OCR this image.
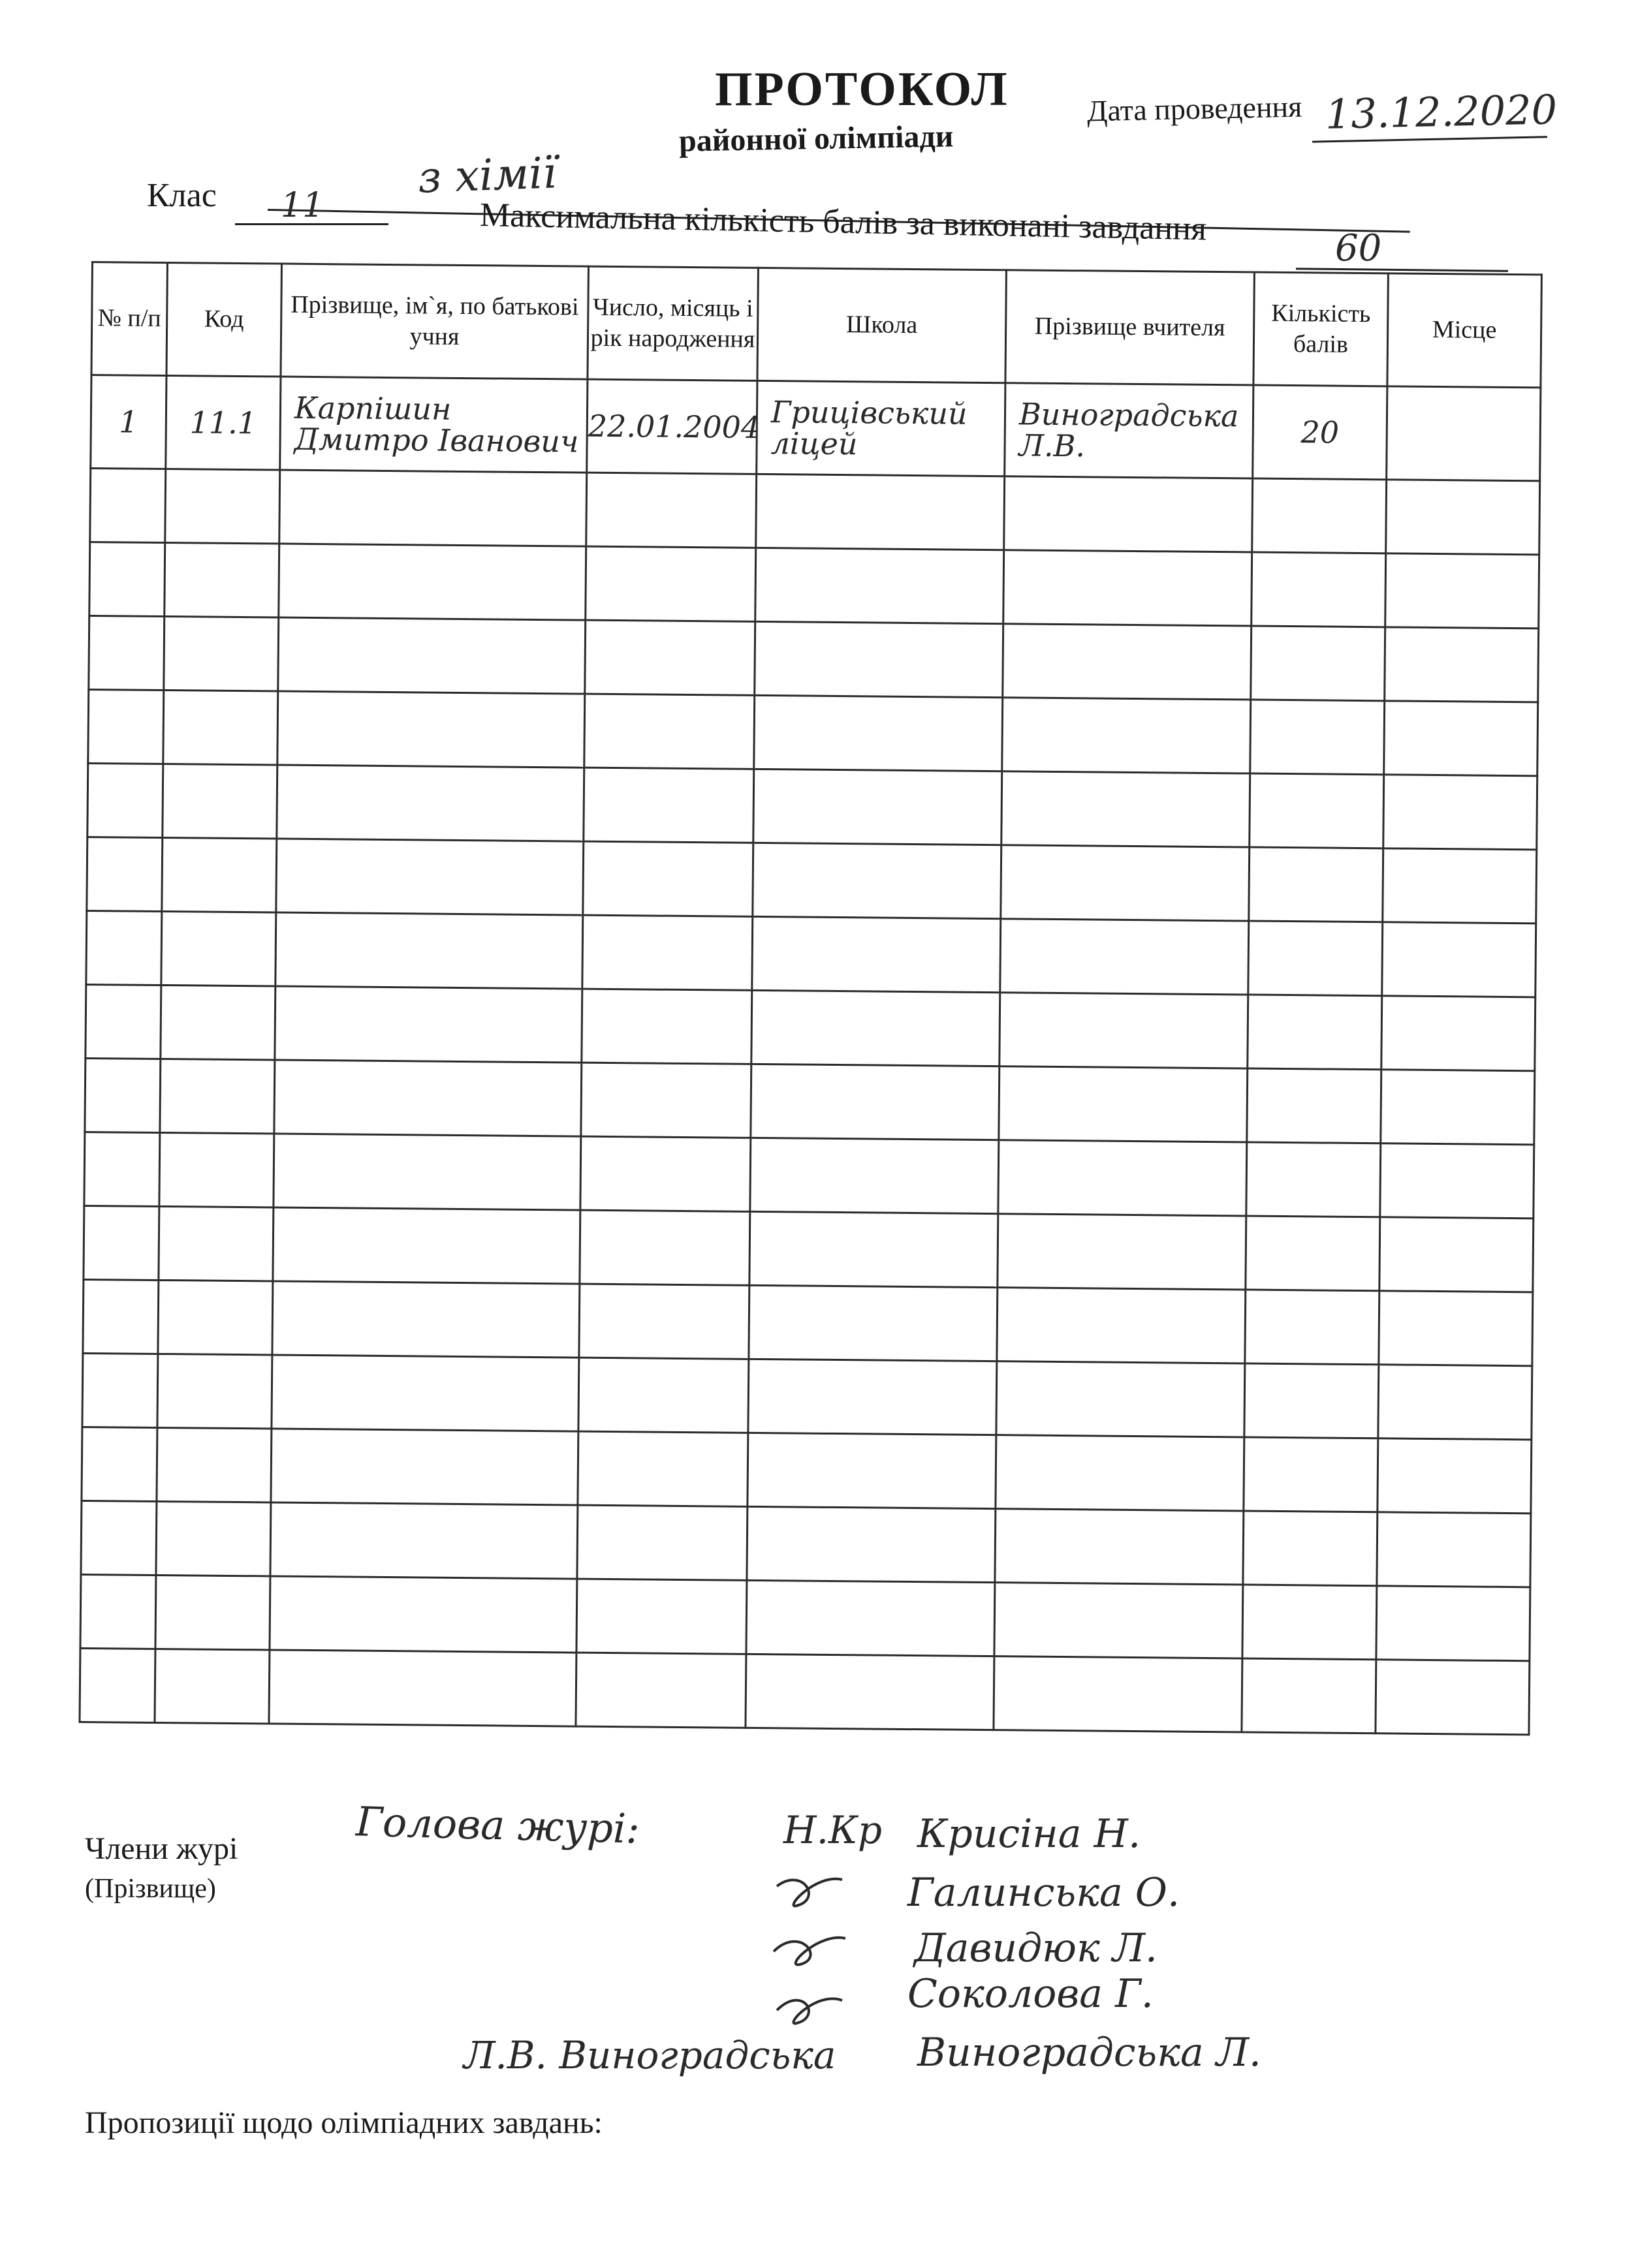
ПРОТОКОЛ
районної олімпіади
Дата проведення 13.12.2020
з хімії
Клас 11	Максимальна кількість балів за виконані завдання
60
№ п/п	Код	Прізвище, ім`я, по батькові учня	Число, місяць і рік народження	Школа	Прізвище вчителя	Кількість балів	Місце
1	11.1	Карпішин Дмитро Іванович	22.01.2004	Грицівський ліцей	Виноградська Л.В.	20	

Члени журі
(Прізвище)
Голова журі:	Н.Кр Крисіна Н.
Галинська О.
Давидюк Л.
Соколова Г.
Виноградська Л.
Л.В. Виноградська
Пропозиції щодо олімпіадних завдань:
